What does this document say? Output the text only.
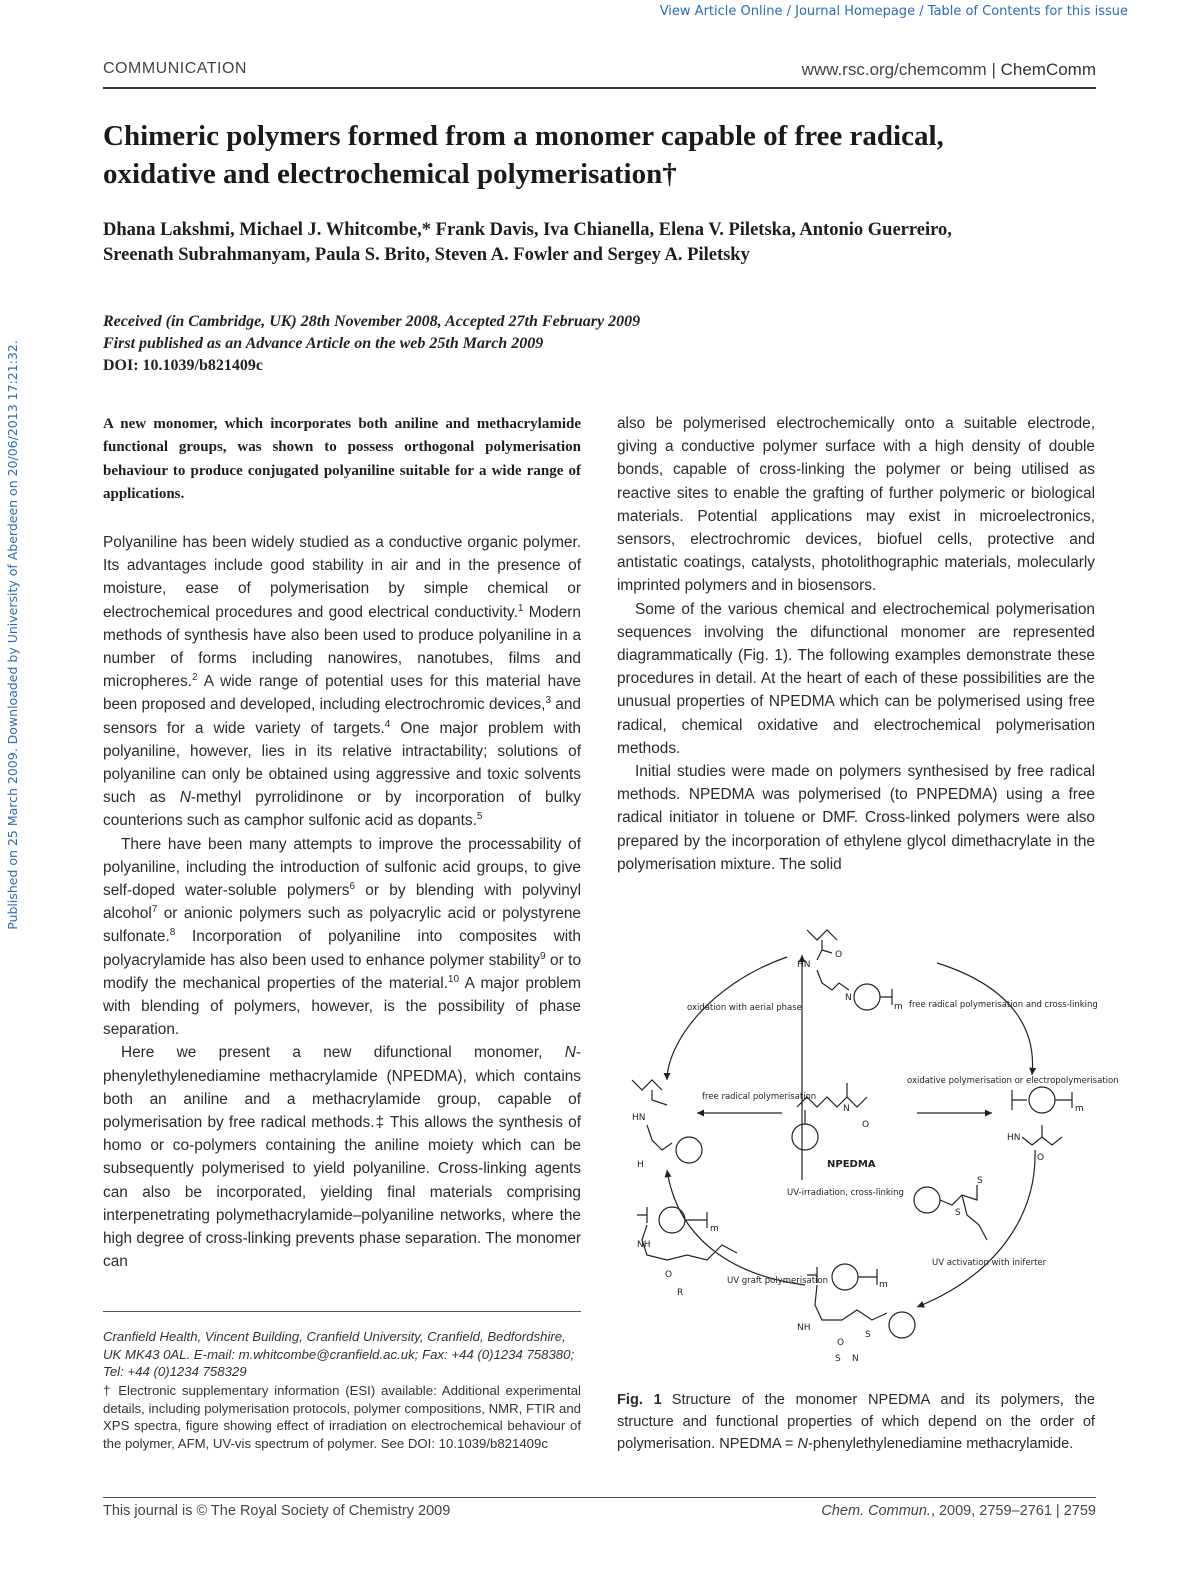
View Article Online / Journal Homepage / Table of Contents for this issue
Published on 25 March 2009. Downloaded by University of Aberdeen on 20/06/2013 17:21:32.
COMMUNICATION	www.rsc.org/chemcomm | ChemComm
Chimeric polymers formed from a monomer capable of free radical, oxidative and electrochemical polymerisation†
Dhana Lakshmi, Michael J. Whitcombe,* Frank Davis, Iva Chianella, Elena V. Piletska, Antonio Guerreiro, Sreenath Subrahmanyam, Paula S. Brito, Steven A. Fowler and Sergey A. Piletsky
Received (in Cambridge, UK) 28th November 2008, Accepted 27th February 2009
First published as an Advance Article on the web 25th March 2009
DOI: 10.1039/b821409c
A new monomer, which incorporates both aniline and methacrylamide functional groups, was shown to possess orthogonal polymerisation behaviour to produce conjugated polyaniline suitable for a wide range of applications.

Polyaniline has been widely studied as a conductive organic polymer. Its advantages include good stability in air and in the presence of moisture, ease of polymerisation by simple chemical or electrochemical procedures and good electrical conductivity.$^1$ Modern methods of synthesis have also been used to produce polyaniline in a number of forms including nanowires, nanotubes, films and micropheres.$^2$ A wide range of potential uses for this material have been proposed and developed, including electrochromic devices,$^3$ and sensors for a wide variety of targets.$^4$ One major problem with polyaniline, however, lies in its relative intractability; solutions of polyaniline can only be obtained using aggressive and toxic solvents such as N-methyl pyrrolidinone or by incorporation of bulky counterions such as camphor sulfonic acid as dopants.$^5$

There have been many attempts to improve the processability of polyaniline, including the introduction of sulfonic acid groups, to give self-doped water-soluble polymers$^6$ or by blending with polyvinyl alcohol$^7$ or anionic polymers such as polyacrylic acid or polystyrene sulfonate.$^8$ Incorporation of polyaniline into composites with polyacrylamide has also been used to enhance polymer stability$^9$ or to modify the mechanical properties of the material.$^{10}$ A major problem with blending of polymers, however, is the possibility of phase separation.

Here we present a new difunctional monomer, N-phenylethylenediamine methacrylamide (NPEDMA), which contains both an aniline and a methacrylamide group, capable of polymerisation by free radical methods.‡ This allows the synthesis of homo or co-polymers containing the aniline moiety which can be subsequently polymerised to yield polyaniline. Cross-linking agents can also be incorporated, yielding final materials comprising interpenetrating polymethacrylamide–polyaniline networks, where the high degree of cross-linking prevents phase separation. The monomer can

also be polymerised electrochemically onto a suitable electrode, giving a conductive polymer surface with a high density of double bonds, capable of cross-linking the polymer or being utilised as reactive sites to enable the grafting of further polymeric or biological materials. Potential applications may exist in microelectronics, sensors, electrochromic devices, biofuel cells, protective and antistatic coatings, catalysts, photolithographic materials, molecularly imprinted polymers and in biosensors.

Some of the various chemical and electrochemical polymerisation sequences involving the difunctional monomer are represented diagrammatically (Fig. 1). The following examples demonstrate these procedures in detail. At the heart of each of these possibilities are the unusual properties of NPEDMA which can be polymerised using free radical, chemical oxidative and electrochemical polymerisation methods.

Initial studies were made on polymers synthesised by free radical methods. NPEDMA was polymerised (to PNPEDMA) using a free radical initiator in toluene or DMF. Cross-linked polymers were also prepared by the incorporation of ethylene glycol dimethacrylate in the polymerisation mixture. The solid

O
HN
N
m
oxidation with aerial phase	free radical polymerisation and cross-linking
HN
H
free radical polymerisation
N
O
NPEDMA
oxidative polymerisation or electropolymerisation
m
HN
O
UV-irradiation, cross-linking
S
S
UV activation with iniferter
m
NH
O
R
UV graft polymerisation	m
NH
S
O
S N
Fig. 1 Structure of the monomer NPEDMA and its polymers, the structure and functional properties of which depend on the order of polymerisation. NPEDMA = N-phenylethylenediamine methacrylamide.
Cranfield Health, Vincent Building, Cranfield University, Cranfield, Bedfordshire, UK MK43 0AL. E-mail: m.whitcombe@cranfield.ac.uk; Fax: +44 (0)1234 758380; Tel: +44 (0)1234 758329
† Electronic supplementary information (ESI) available: Additional experimental details, including polymerisation protocols, polymer compositions, NMR, FTIR and XPS spectra, figure showing effect of irradiation on electrochemical behaviour of the polymer, AFM, UV-vis spectrum of polymer. See DOI: 10.1039/b821409c
This journal is © The Royal Society of Chemistry 2009	Chem. Commun., 2009, 2759–2761 | 2759
